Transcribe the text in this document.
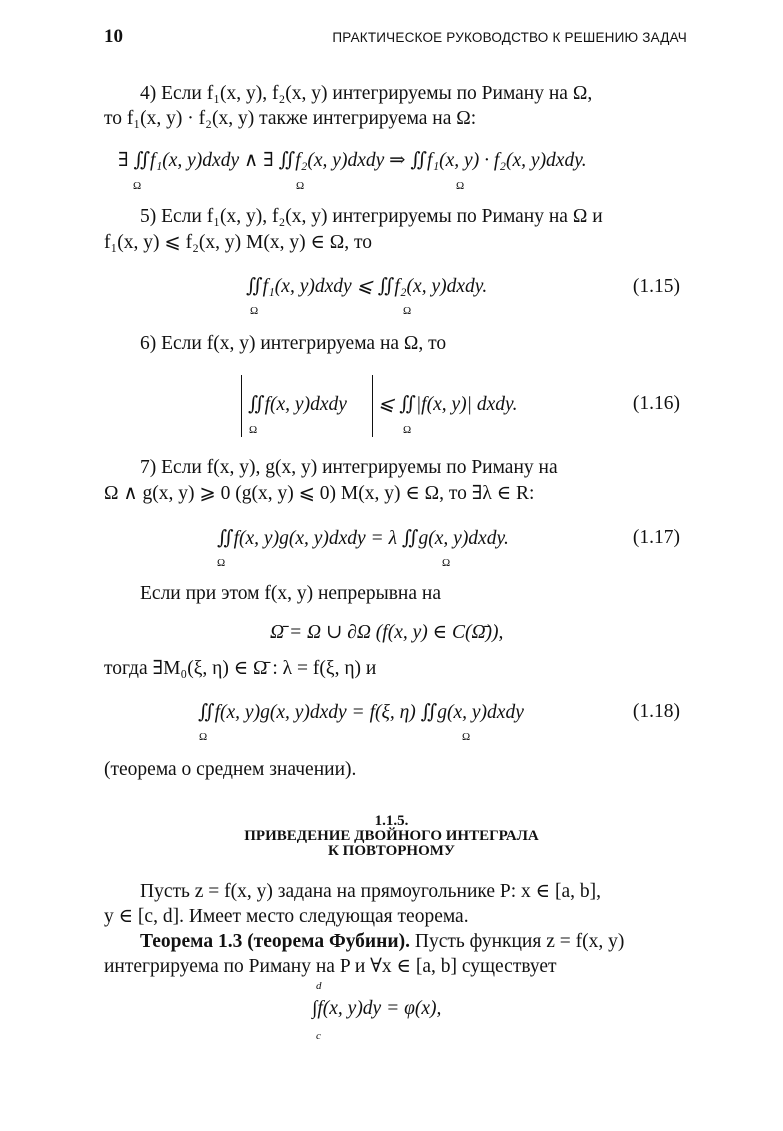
10	ПРАКТИЧЕСКОЕ РУКОВОДСТВО К РЕШЕНИЮ ЗАДАЧ
4) Если f₁(x, y), f₂(x, y) интегрируемы по Риману на Ω,
то f₁(x, y) · f₂(x, y) также интегрируема на Ω:
∃ ∬f₁(x, y)dxdy ∧ ∃ ∬f₂(x, y)dxdy ⇒ ∬f₁(x, y) · f₂(x, y)dxdy.
Ω	Ω	Ω
5) Если f₁(x, y), f₂(x, y) интегрируемы по Риману на Ω и
f₁(x, y) ⩽ f₂(x, y) M(x, y) ∈ Ω, то
∬f₁(x, y)dxdy ⩽ ∬f₂(x, y)dxdy.	(1.15)
Ω	Ω
6) Если f(x, y) интегрируема на Ω, то
∬f(x, y)dxdy ⩽ ∬|f(x, y)| dxdy.	(1.16)
Ω	Ω
7) Если f(x, y), g(x, y) интегрируемы по Риману на
Ω ∧ g(x, y) ⩾ 0 (g(x, y) ⩽ 0) M(x, y) ∈ Ω, то ∃λ ∈ R:
∬f(x, y)g(x, y)dxdy = λ ∬g(x, y)dxdy.	(1.17)
Ω	Ω
Если при этом f(x, y) непрерывна на
Ω̄ = Ω ∪ ∂Ω (f(x, y) ∈ C(Ω̄)),
тогда ∃M₀(ξ, η) ∈ Ω̄ : λ = f(ξ, η) и
∬f(x, y)g(x, y)dxdy = f(ξ, η) ∬g(x, y)dxdy	(1.18)
Ω	Ω
(теорема о среднем значении).
1.1.5.
ПРИВЕДЕНИЕ ДВОЙНОГО ИНТЕГРАЛА
К ПОВТОРНОМУ
Пусть z = f(x, y) задана на прямоугольнике P: x ∈ [a, b],
y ∈ [c, d]. Имеет место следующая теорема.
Теорема 1.3 (теорема Фубини). Пусть функция z = f(x, y)
интегрируема по Риману на P и ∀x ∈ [a, b] существует
d
∫f(x, y)dy = φ(x),
c
